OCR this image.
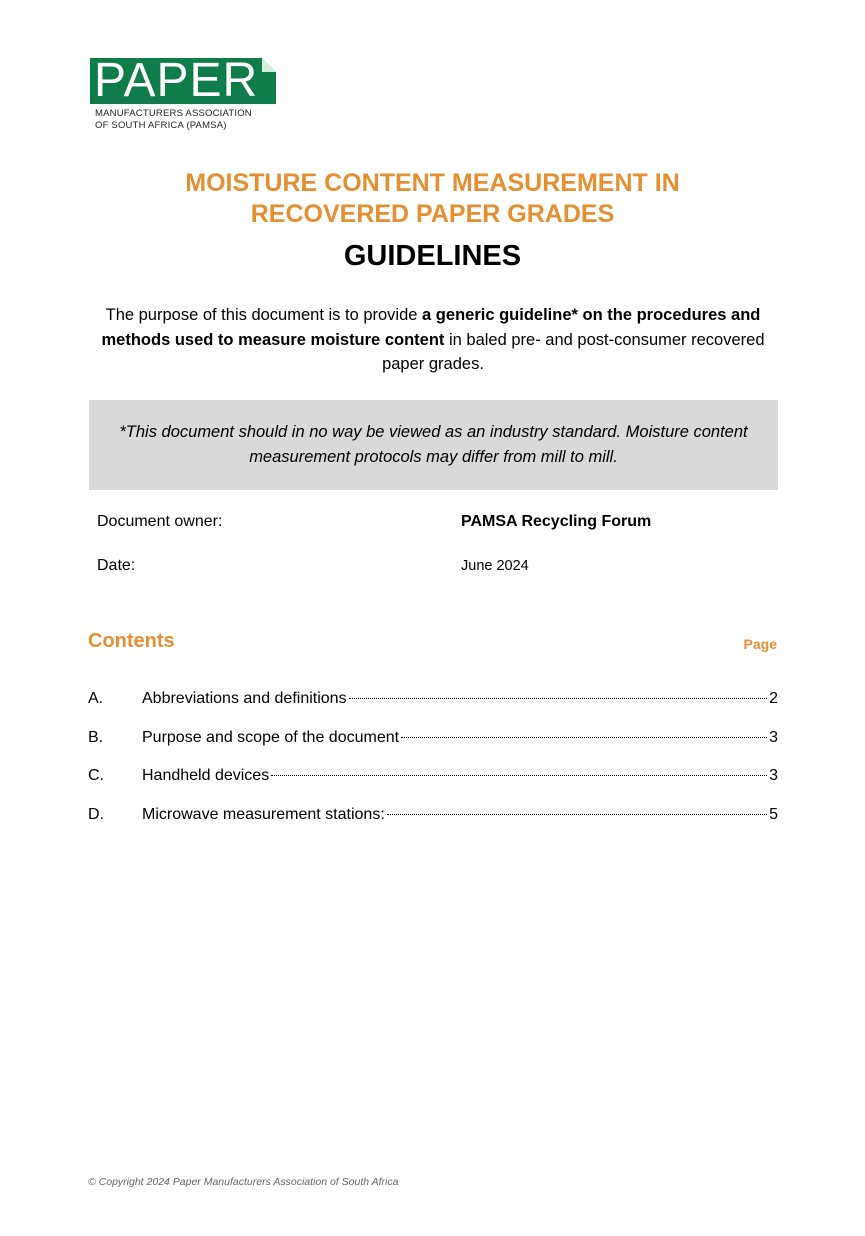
PAPER
MANUFACTURERS ASSOCIATION
OF SOUTH AFRICA (PAMSA)
MOISTURE CONTENT MEASUREMENT IN
RECOVERED PAPER GRADES
GUIDELINES
The purpose of this document is to provide a generic guideline* on the procedures and methods used to measure moisture content in baled pre- and post-consumer recovered paper grades.
*This document should in no way be viewed as an industry standard. Moisture content measurement protocols may differ from mill to mill.
Document owner:	PAMSA Recycling Forum
Date:	June 2024
Contents	Page
A.	Abbreviations and definitions	2
B.	Purpose and scope of the document	3
C.	Handheld devices	3
D.	Microwave measurement stations:	5
© Copyright 2024 Paper Manufacturers Association of South Africa
